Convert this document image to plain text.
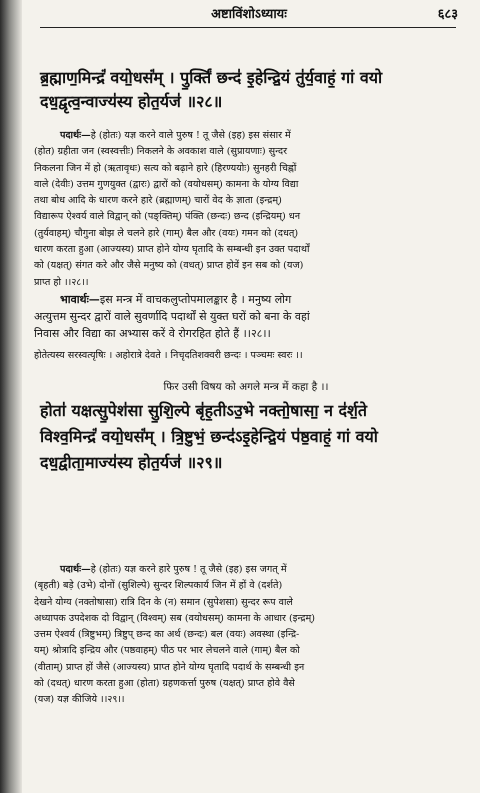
अष्टाविंशोऽध्यायः	६८३
ब्र॒ह्माण॒मिन्द्रं॑ वयो॒धसं॑म् । पु॒र्क्तिं छन्द॑ इ॒हेन्द्रि॒यं तु॑र्य॒वाहं॒ गां वयो
दध॒द्वृत्व॒न्वाज्य॑स्य होत॒र्यज॑ ॥२८॥
पदार्थः—हे (होतः) यज्ञ करने वाले पुरुष ! तू जैसे (इह) इस संसार में
(होत) ग्रहीता जन (स्वस्वत्तीः) निकलने के अवकाश वाले (सुप्रायणाः) सुन्दर
निकलना जिन में हो (ऋतावृधः) सत्य को बढ़ाने हारे (हिरण्ययोः) सुनहरी चिह्नों
वाले (देवीः) उत्तम गुणयुक्त (द्वारः) द्वारों को (वयोधसम्) कामना के योग्य विद्या
तथा बोध आदि के धारण करने हारे (ब्रह्माणम्) चारों वेद के ज्ञाता (इन्द्रम्)
विद्यारूप ऐश्वर्य वाले विद्वान् को (पङ्क्तिम्) पंक्ति (छन्दः) छन्द (इन्द्रियम्) धन
(तुर्यवाहम्) चौगुना बोझ ले चलने हारे (गाम्) बैल और (वयः) गमन को (दधत्)
धारण करता हुआ (आज्यस्य) प्राप्त होने योग्य घृतादि के सम्बन्धी इन उक्त पदार्थों
को (यक्षत्) संगत करे और जैसे मनुष्य को (वधत्) प्राप्त होवें इन सब को (यज)
प्राप्त हो ।।२८।।
भावार्थः—इस मन्त्र में वाचकलुप्तोपमालङ्कार है । मनुष्य लोग
अत्युत्तम सुन्दर द्वारों वाले सुवर्णादि पदार्थों से युक्त घरों को बना के वहां
निवास और विद्या का अभ्यास करें वे रोगरहित होते हैं ।।२८।।
होतेत्यस्य सरस्वत्यृषिः । अहोरात्रे देवते । निचृदतिशक्वरी छन्दः । पञ्चमः स्वरः ।।
फिर उसी विषय को अगले मन्त्र में कहा है ।।
होता॑ यक्षत्सु॒पेश॑सा सु॒शि॒ल्पे बृ॑ह॒तीऽउ॒भे नक्तो॒षासा॒ न द॑र्श॒ते
विश्व॒मिन्द्रं॑ वयो॒धसं॑म् । त्रि॒ष्टुभं॒ छन्द॑ऽइ॒हेन्द्रि॒यं प॑ष्ठ॒वाहं॒ गां वयो
दध॒द्वीता॒माज्य॑स्य होत॒र्यज॑ ॥२९॥
पदार्थः—हे (होतः) यज्ञ करने हारे पुरुष ! तू जैसे (इह) इस जगत् में
(बृहती) बड़े (उभे) दोनों (सुशिल्पे) सुन्दर शिल्पकार्य जिन में हों वे (दर्शते)
देखने योग्य (नक्तोषासा) रात्रि दिन के (न) समान (सुपेशसा) सुन्दर रूप वाले
अध्यापक उपदेशक दो विद्वान् (विश्वम्) सब (वयोधसम्) कामना के आधार (इन्द्रम्)
उत्तम ऐश्वर्य (त्रिष्टुभम्) त्रिष्टुप् छन्द का अर्थ (छन्दः) बल (वयः) अवस्था (इन्द्रि-
यम्) श्रोत्रादि इन्द्रिय और (पष्ठवाहम्) पीठ पर भार लेचलने वाले (गाम्) बैल को
(वीताम्) प्राप्त हों जैसे (आज्यस्य) प्राप्त होने योग्य घृतादि पदार्थ के सम्बन्धी इन
को (दधत्) धारण करता हुआ (होता) ग्रहणकर्त्ता पुरुष (यक्षत्) प्राप्त होवे वैसे
(यज) यज्ञ कीजिये ।।२९।।
